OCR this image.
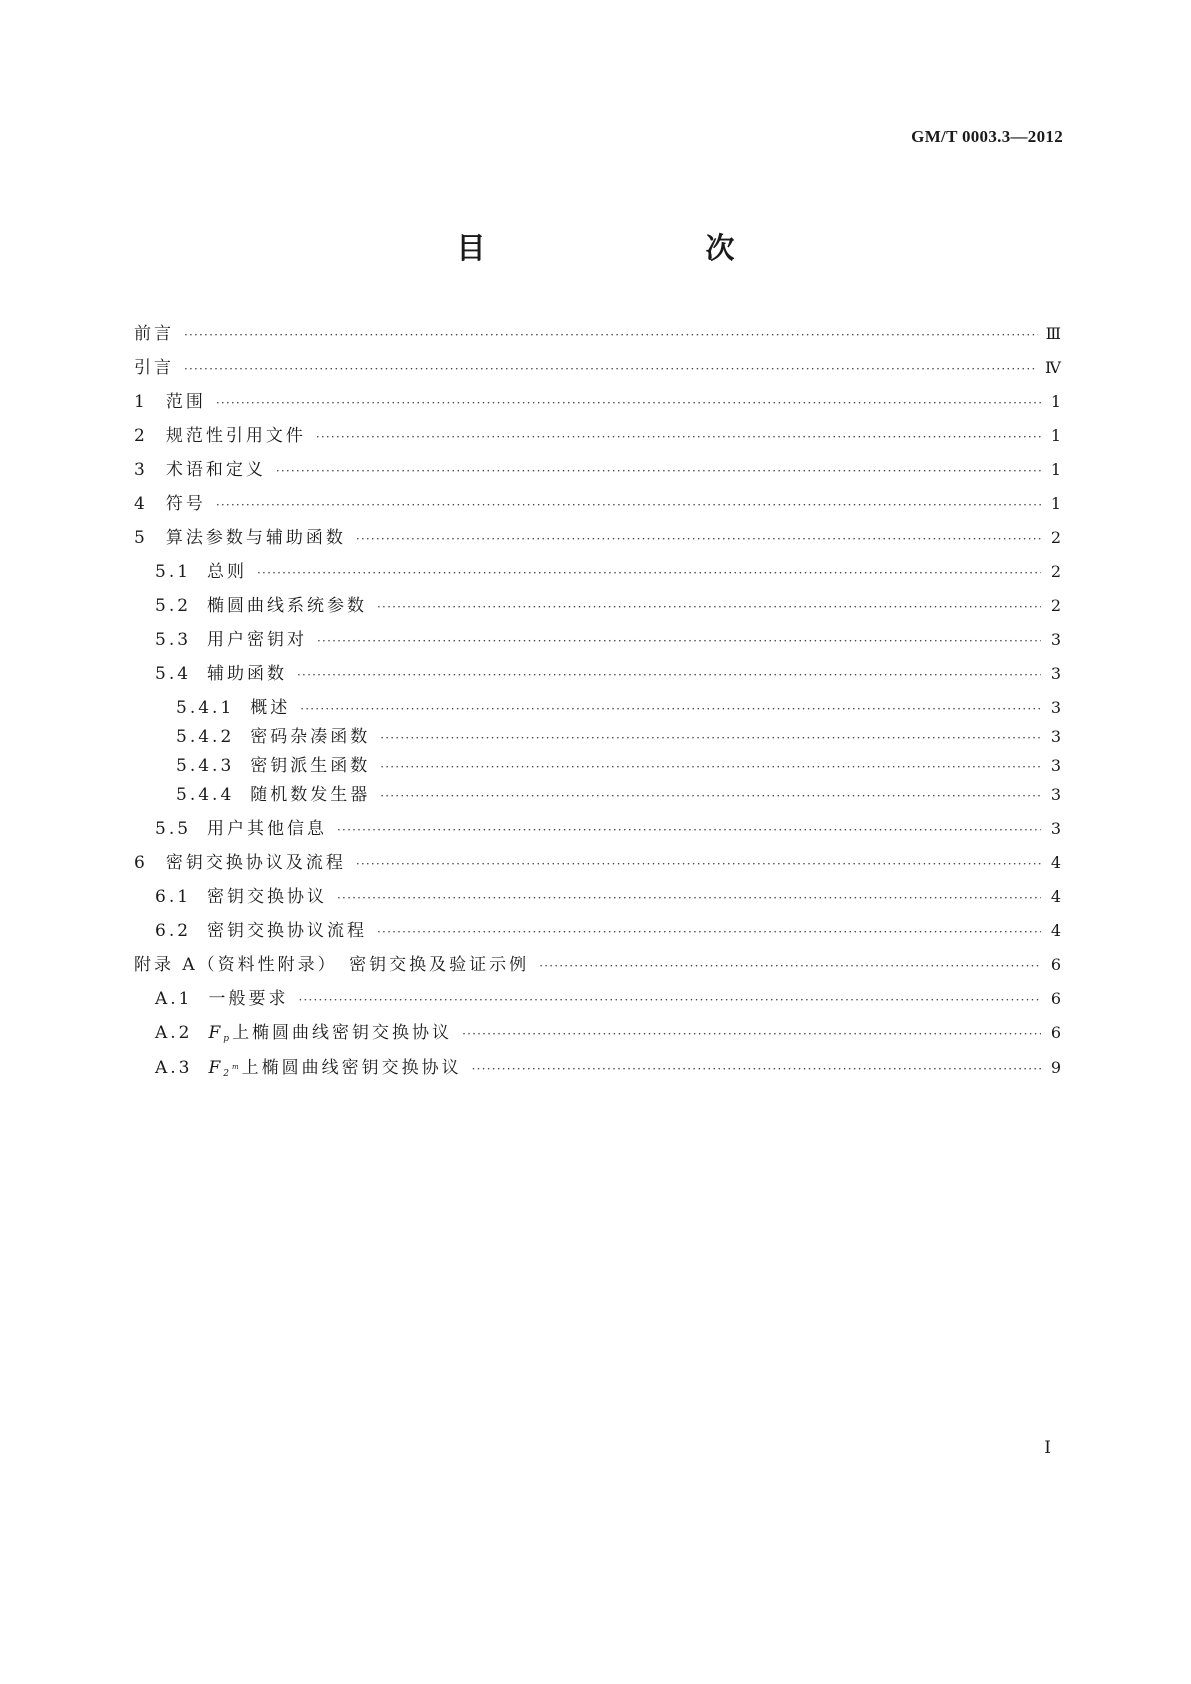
GM/T 0003.3—2012
目　　次
前言 ·····	Ⅲ
引言 ·····	Ⅳ
1 范围 ·····	1
2 规范性引用文件 ·····	1
3 术语和定义 ·····	1
4 符号 ·····	1
5 算法参数与辅助函数 ·····	2
5.1 总则 ·····	2
5.2 椭圆曲线系统参数 ·····	2
5.3 用户密钥对 ·····	3
5.4 辅助函数 ·····	3
5.4.1 概述 ·····	3
5.4.2 密码杂凑函数 ·····	3
5.4.3 密钥派生函数 ·····	3
5.4.4 随机数发生器 ·····	3
5.5 用户其他信息 ·····	3
6 密钥交换协议及流程 ·····	4
6.1 密钥交换协议 ·····	4
6.2 密钥交换协议流程 ·····	4
附录 A（资料性附录）　密钥交换及验证示例 ·····	6
A.1 一般要求 ·····	6
A.2 $F_p$上椭圆曲线密钥交换协议 ·····	6
A.3 $F_2^m$上椭圆曲线密钥交换协议 ·····	9
I
